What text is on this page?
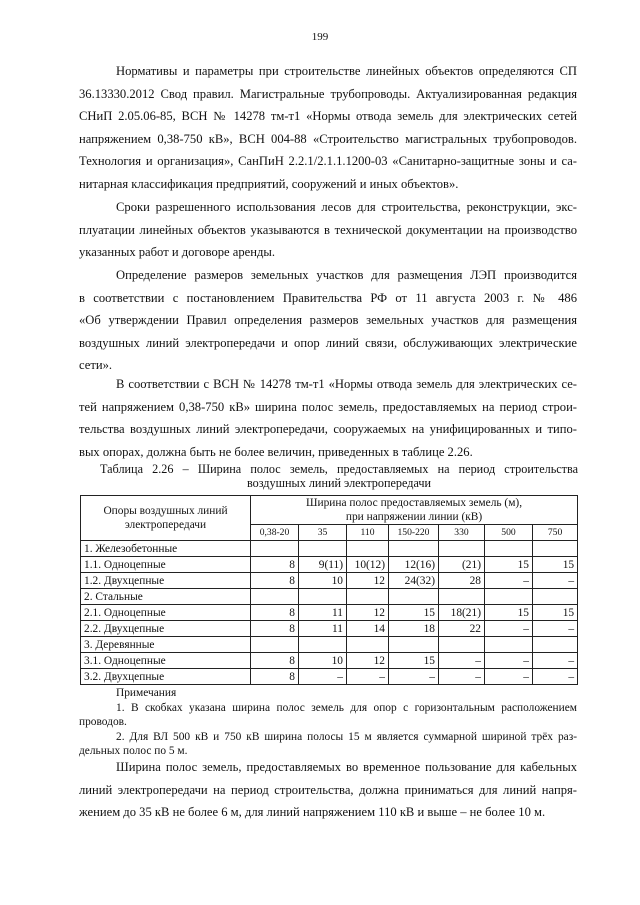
199

Нормативы и параметры при строительстве линейных объектов определяются СП
36.13330.2012 Свод правил. Магистральные трубопроводы. Актуализированная редакция
СНиП 2.05.06-85, ВСН № 14278 тм-т1 «Нормы отвода земель для электрических сетей
напряжением 0,38-750 кВ», ВСН 004-88 «Строительство магистральных трубопроводов.
Технология и организация», СанПиН 2.2.1/2.1.1.1200-03 «Санитарно-защитные зоны и са-
нитарная классификация предприятий, сооружений и иных объектов».

Сроки разрешенного использования лесов для строительства, реконструкции, экс-
плуатации линейных объектов указываются в технической документации на производство
указанных работ и договоре аренды.

Определение размеров земельных участков для размещения ЛЭП производится
в соответствии с постановлением Правительства РФ от 11 августа 2003 г. № 486
«Об утверждении Правил определения размеров земельных участков для размещения
воздушных линий электропередачи и опор линий связи, обслуживающих электрические
сети».

В соответствии с ВСН № 14278 тм-т1 «Нормы отвода земель для электрических се-
тей напряжением 0,38-750 кВ» ширина полос земель, предоставляемых на период строи-
тельства воздушных линий электропередачи, сооружаемых на унифицированных и типо-
вых опорах, должна быть не более величин, приведенных в таблице 2.26.

Таблица 2.26 – Ширина полос земель, предоставляемых на период строительства
воздушных линий электропередачи
Опоры воздушных линий электропередачи	Ширина полос предоставляемых земель (м),
при напряжении линии (кВ)						
	0,38-20	35	110	150-220	330	500	750
1. Железобетонные							
1.1. Одноцепные	8	9(11)	10(12)	12(16)	(21)	15	15
1.2. Двухцепные	8	10	12	24(32)	28	–	–
2. Стальные							
2.1. Одноцепные	8	11	12	15	18(21)	15	15
2.2. Двухцепные	8	11	14	18	22	–	–
3. Деревянные							
3.1. Одноцепные	8	10	12	15	–	–	–
3.2. Двухцепные	8	–	–	–	–	–	–
Примечания
1. В скобках указана ширина полос земель для опор с горизонтальным расположением
проводов.
2. Для ВЛ 500 кВ и 750 кВ ширина полосы 15 м является суммарной шириной трёх раз-
дельных полос по 5 м.

Ширина полос земель, предоставляемых во временное пользование для кабельных
линий электропередачи на период строительства, должна приниматься для линий напря-
жением до 35 кВ не более 6 м, для линий напряжением 110 кВ и выше – не более 10 м.
